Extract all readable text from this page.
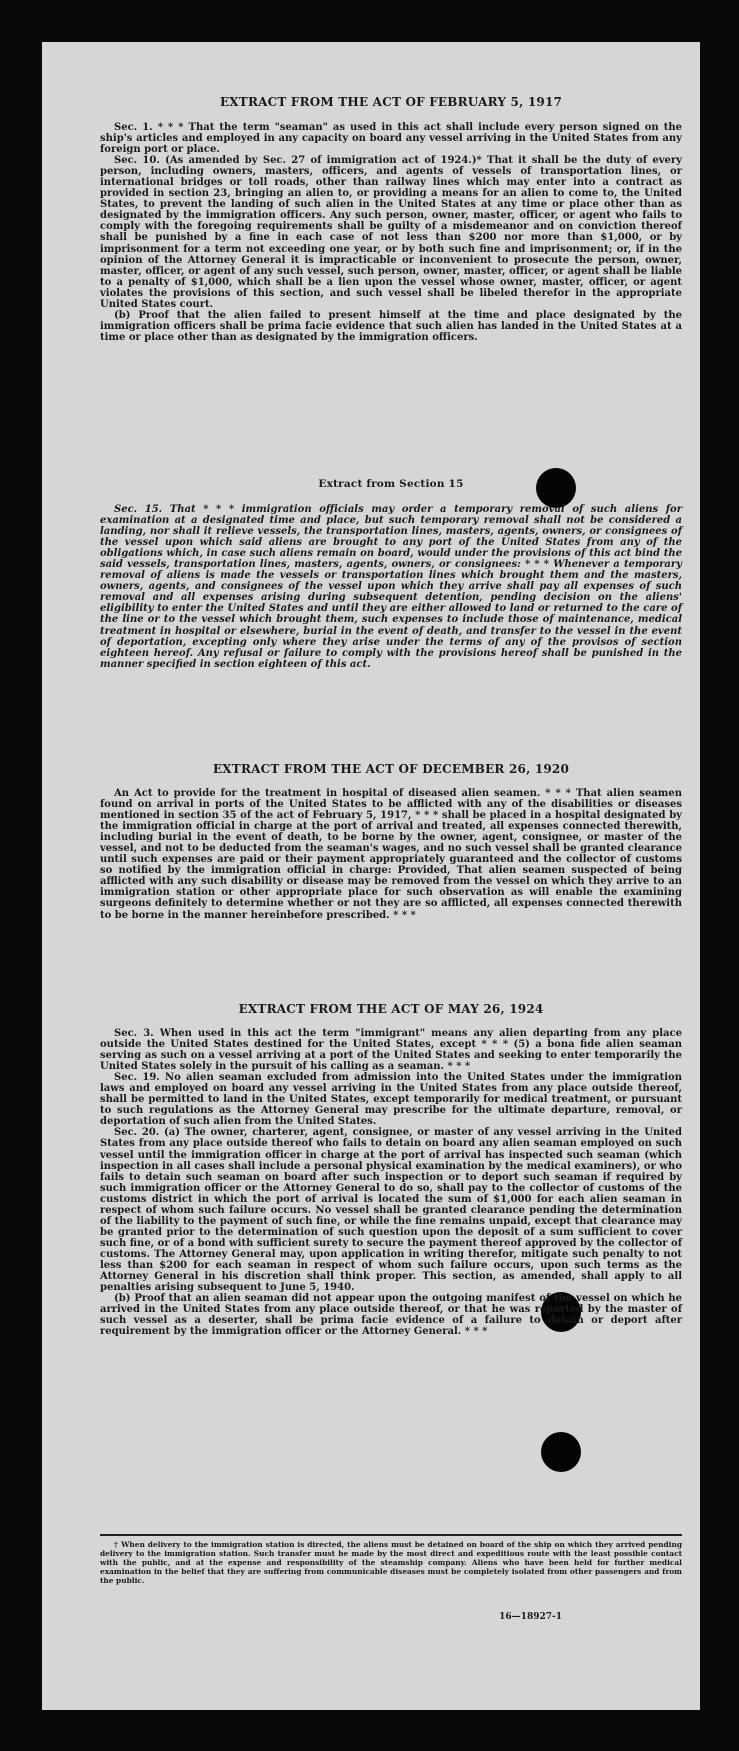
EXTRACT FROM THE ACT OF FEBRUARY 5, 1917

Sec. 1. * * * That the term "seaman" as used in this act shall include every person signed on the ship's articles and employed in any capacity on board any vessel arriving in the United States from any foreign port or place.

Sec. 10. (As amended by Sec. 27 of immigration act of 1924.)* That it shall be the duty of every person, including owners, masters, officers, and agents of vessels of transportation lines, or international bridges or toll roads, other than railway lines which may enter into a contract as provided in section 23, bringing an alien to, or providing a means for an alien to come to, the United States, to prevent the landing of such alien in the United States at any time or place other than as designated by the immigration officers. Any such person, owner, master, officer, or agent who fails to comply with the foregoing requirements shall be guilty of a misdemeanor and on conviction thereof shall be punished by a fine in each case of not less than $200 nor more than $1,000, or by imprisonment for a term not exceeding one year, or by both such fine and imprisonment; or, if in the opinion of the Attorney General it is impracticable or inconvenient to prosecute the person, owner, master, officer, or agent of any such vessel, such person, owner, master, officer, or agent shall be liable to a penalty of $1,000, which shall be a lien upon the vessel whose owner, master, officer, or agent violates the provisions of this section, and such vessel shall be libeled therefor in the appropriate United States court.

(b) Proof that the alien failed to present himself at the time and place designated by the immigration officers shall be prima facie evidence that such alien has landed in the United States at a time or place other than as designated by the immigration officers.

Extract from Section 15

Sec. 15. That * * * immigration officials may order a temporary removal of such aliens for examination at a designated time and place, but such temporary removal shall not be considered a landing, nor shall it relieve vessels, the transportation lines, masters, agents, owners, or consignees of the vessel upon which said aliens are brought to any port of the United States from any of the obligations which, in case such aliens remain on board, would under the provisions of this act bind the said vessels, transportation lines, masters, agents, owners, or consignees: * * * Whenever a temporary removal of aliens is made the vessels or transportation lines which brought them and the masters, owners, agents, and consignees of the vessel upon which they arrive shall pay all expenses of such removal and all expenses arising during subsequent detention, pending decision on the aliens' eligibility to enter the United States and until they are either allowed to land or returned to the care of the line or to the vessel which brought them, such expenses to include those of maintenance, medical treatment in hospital or elsewhere, burial in the event of death, and transfer to the vessel in the event of deportation, excepting only where they arise under the terms of any of the provisos of section eighteen hereof. Any refusal or failure to comply with the provisions hereof shall be punished in the manner specified in section eighteen of this act.

EXTRACT FROM THE ACT OF DECEMBER 26, 1920

An Act to provide for the treatment in hospital of diseased alien seamen. * * * That alien seamen found on arrival in ports of the United States to be afflicted with any of the disabilities or diseases mentioned in section 35 of the act of February 5, 1917, * * * shall be placed in a hospital designated by the immigration official in charge at the port of arrival and treated, all expenses connected therewith, including burial in the event of death, to be borne by the owner, agent, consignee, or master of the vessel, and not to be deducted from the seaman's wages, and no such vessel shall be granted clearance until such expenses are paid or their payment appropriately guaranteed and the collector of customs so notified by the immigration official in charge: Provided, That alien seamen suspected of being afflicted with any such disability or disease may be removed from the vessel on which they arrive to an immigration station or other appropriate place for such observation as will enable the examining surgeons definitely to determine whether or not they are so afflicted, all expenses connected therewith to be borne in the manner hereinbefore prescribed. * * *

EXTRACT FROM THE ACT OF MAY 26, 1924

Sec. 3. When used in this act the term "immigrant" means any alien departing from any place outside the United States destined for the United States, except * * * (5) a bona fide alien seaman serving as such on a vessel arriving at a port of the United States and seeking to enter temporarily the United States solely in the pursuit of his calling as a seaman. * * *

Sec. 19. No alien seaman excluded from admission into the United States under the immigration laws and employed on board any vessel arriving in the United States from any place outside thereof, shall be permitted to land in the United States, except temporarily for medical treatment, or pursuant to such regulations as the Attorney General may prescribe for the ultimate departure, removal, or deportation of such alien from the United States.

Sec. 20. (a) The owner, charterer, agent, consignee, or master of any vessel arriving in the United States from any place outside thereof who fails to detain on board any alien seaman employed on such vessel until the immigration officer in charge at the port of arrival has inspected such seaman (which inspection in all cases shall include a personal physical examination by the medical examiners), or who fails to detain such seaman on board after such inspection or to deport such seaman if required by such immigration officer or the Attorney General to do so, shall pay to the collector of customs of the customs district in which the port of arrival is located the sum of $1,000 for each alien seaman in respect of whom such failure occurs. No vessel shall be granted clearance pending the determination of the liability to the payment of such fine, or while the fine remains unpaid, except that clearance may be granted prior to the determination of such question upon the deposit of a sum sufficient to cover such fine, or of a bond with sufficient surety to secure the payment thereof approved by the collector of customs. The Attorney General may, upon application in writing therefor, mitigate such penalty to not less than $200 for each seaman in respect of whom such failure occurs, upon such terms as the Attorney General in his discretion shall think proper. This section, as amended, shall apply to all penalties arising subsequent to June 5, 1940.

(b) Proof that an alien seaman did not appear upon the outgoing manifest of the vessel on which he arrived in the United States from any place outside thereof, or that he was reported by the master of such vessel as a deserter, shall be prima facie evidence of a failure to detain or deport after requirement by the immigration officer or the Attorney General. * * *

† When delivery to the immigration station is directed, the aliens must be detained on board of the ship on which they arrived pending delivery to the immigration station. Such transfer must be made by the most direct and expeditious route with the least possible contact with the public, and at the expense and responsibility of the steamship company. Aliens who have been held for further medical examination in the belief that they are suffering from communicable diseases must be completely isolated from other passengers and from the public.

16—18927-1
